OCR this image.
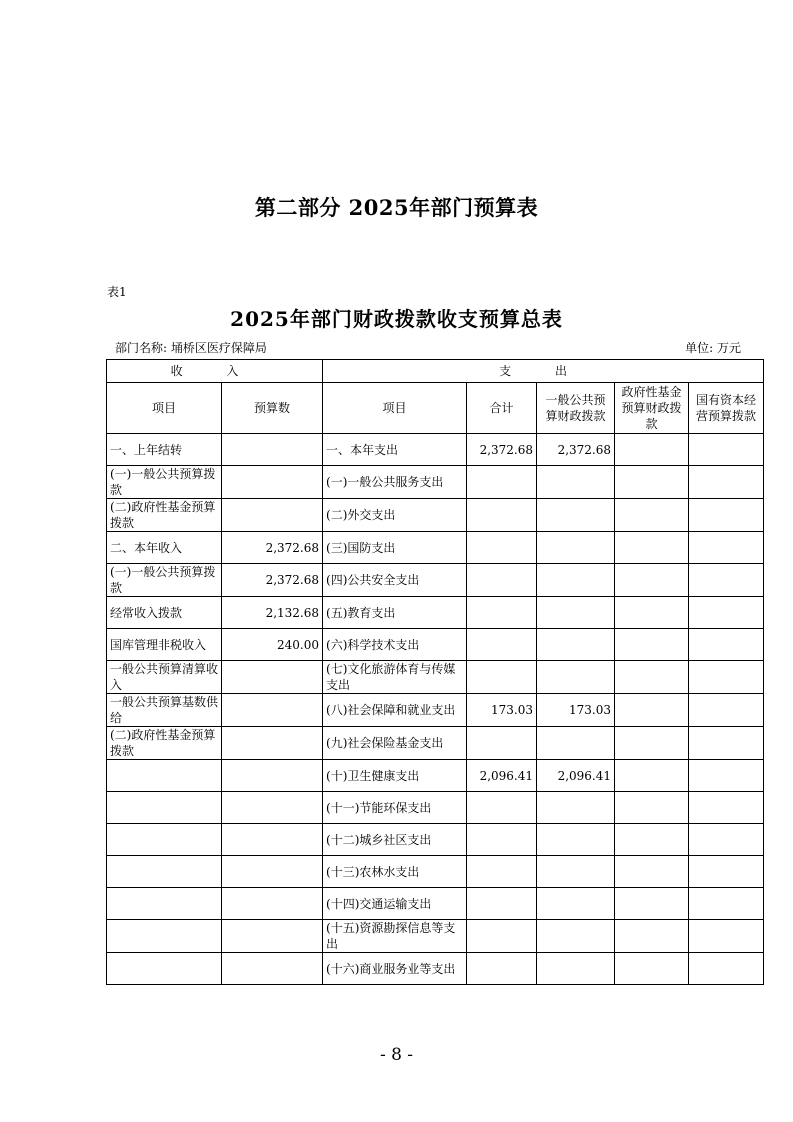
第二部分 2025年部门预算表
表1
2025年部门财政拨款收支预算总表
部门名称: 埇桥区医疗保障局	单位: 万元
收 入		支 出				
项目	预算数	项目	合计	一般公共预算财政拨款	政府性基金预算财政拨款	国有资本经营预算拨款
一、上年结转		一、本年支出	2,372.68	2,372.68		
(一)一般公共预算拨款		(一)一般公共服务支出				
(二)政府性基金预算拨款		(二)外交支出				
二、本年收入	2,372.68	(三)国防支出				
(一)一般公共预算拨款	2,372.68	(四)公共安全支出				
经常收入拨款	2,132.68	(五)教育支出				
国库管理非税收入	240.00	(六)科学技术支出				
一般公共预算清算收入		(七)文化旅游体育与传媒支出				
一般公共预算基数供给		(八)社会保障和就业支出	173.03	173.03		
(二)政府性基金预算拨款		(九)社会保险基金支出				
		(十)卫生健康支出	2,096.41	2,096.41		
		(十一)节能环保支出				
		(十二)城乡社区支出				
		(十三)农林水支出				
		(十四)交通运输支出				
		(十五)资源勘探信息等支出				
		(十六)商业服务业等支出				
- 8 -
